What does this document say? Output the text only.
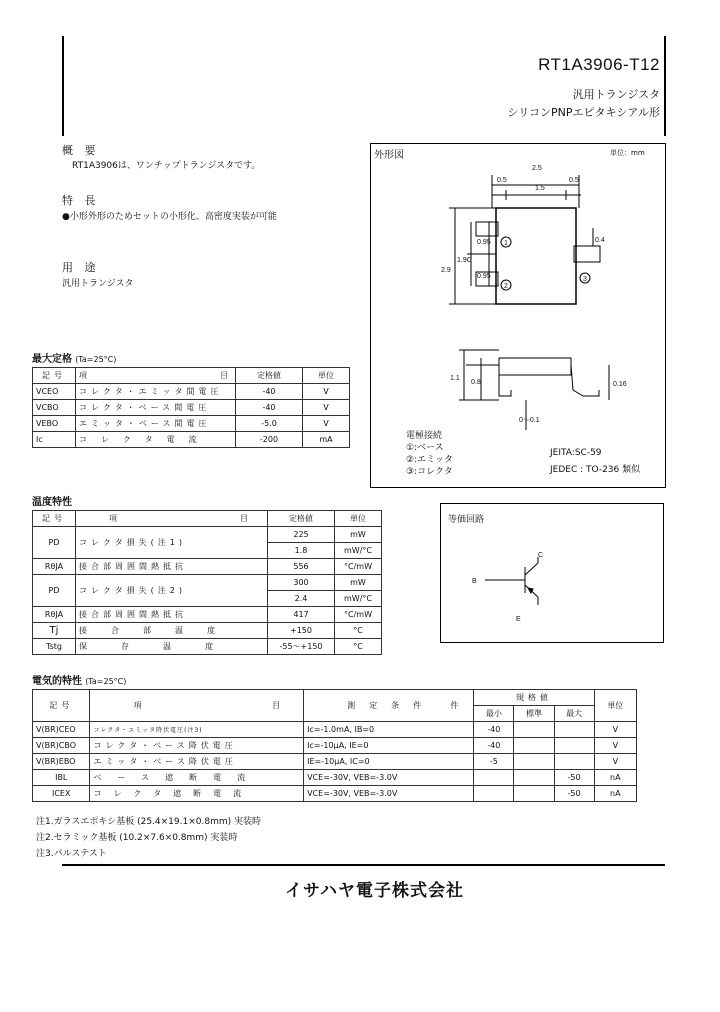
RT1A3906-T12
汎用トランジスタ
シリコンPNPエピタキシアル形
概 要
RT1A3906は、ワンチップトランジスタです。
特 長
●小形外形のためセットの小形化、高密度実装が可能
用 途
汎用トランジスタ
最大定格 (Ta=25°C)
記号	項 目	定格値	単位
VCEO	コレクタ・エミッタ間電圧	-40	V
VCBO	コレクタ・ベース間電圧	-40	V
VEBO	エミッタ・ベース間電圧	-5.0	V
Ic	コレクタ電流	-200	mA
温度特性
記号	項 目	定格値	単位
PD	コレクタ損失(注1)	225	mW
		1.8	mW/°C
RθJA	接合部周囲間熱抵抗	556	°C/mW
PD	コレクタ損失(注2)	300	mW
		2.4	mW/°C
RθJA	接合部周囲間熱抵抗	417	°C/mW
Tj	接合部温度	+150	°C
Tstg	保存温度	-55〜+150	°C
電気的特性 (Ta=25°C)
記号	項 目	測定条件 件	規格値			単位
			最小	標準	最大	
V(BR)CEO	コレクタ・エミッタ降伏電圧(注3)	Ic=-1.0mA, IB=0	-40			V
V(BR)CBO	コレクタ・ベース降伏電圧	Ic=-10μA, IE=0	-40			V
V(BR)EBO	エミッタ・ベース降伏電圧	IE=-10μA, IC=0	-5			V
IBL	ベース遮断電流	VCE=-30V, VEB=-3.0V			-50	nA
ICEX	コレクタ遮断電流	VCE=-30V, VEB=-3.0V			-50	nA
注1.ガラスエポキシ基板 (25.4×19.1×0.8mm) 実装時
注2.セラミック基板 (10.2×7.6×0.8mm) 実装時
注3.パルステスト
外形図	単位：mm
2.5
0.5
1.5
0.5
2.9
1.9C
0.95
0.95
0.4
1.1
0.8	0.16
0〜0.1
1
2
3
電極接続
①:ベース
②:エミッタ
③:コレクタ
JEITA:SC-59
JEDEC : TO-236 類似
等価回路
C
B
E
イサハヤ電子株式会社
